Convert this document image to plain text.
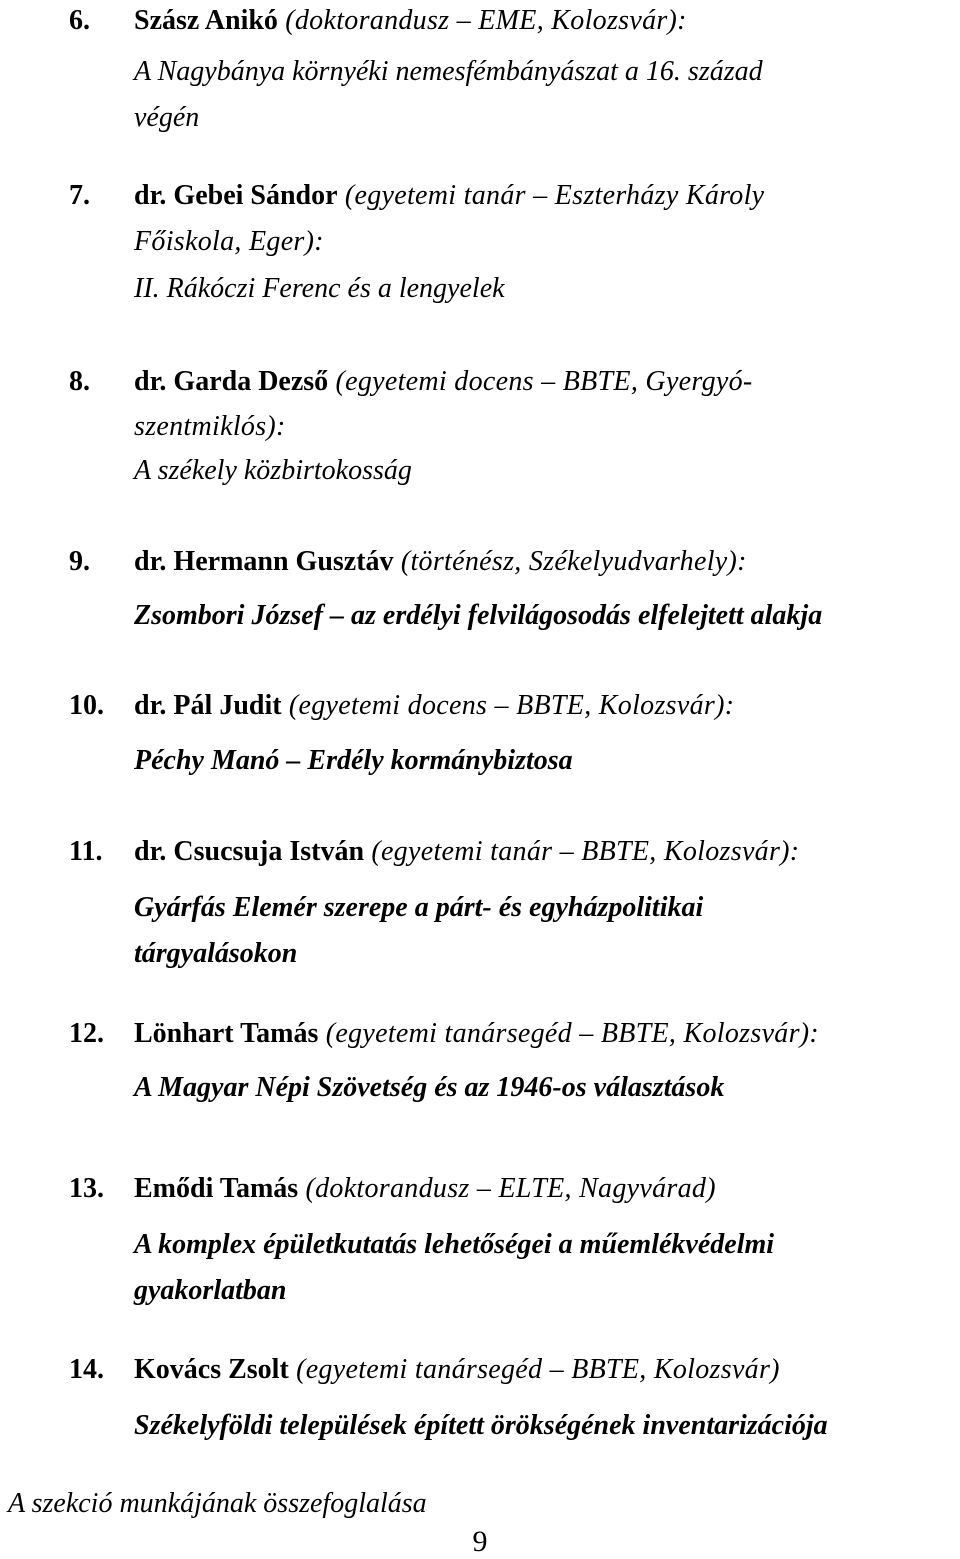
6. Szász Anikó (doktorandusz – EME, Kolozsvár):
A Nagybánya környéki nemesfémbányászat a 16. század
végén
7. dr. Gebei Sándor (egyetemi tanár – Eszterházy Károly
Főiskola, Eger):
II. Rákóczi Ferenc és a lengyelek
8. dr. Garda Dezső (egyetemi docens – BBTE, Gyergyó-
szentmiklós):
A székely közbirtokosság
9. dr. Hermann Gusztáv (történész, Székelyudvarhely):
Zsombori József – az erdélyi felvilágosodás elfelejtett alakja
10. dr. Pál Judit (egyetemi docens – BBTE, Kolozsvár):
Péchy Manó – Erdély kormánybiztosa
11. dr. Csucsuja István (egyetemi tanár – BBTE, Kolozsvár):
Gyárfás Elemér szerepe a párt- és egyházpolitikai
tárgyalásokon
12. Lönhart Tamás (egyetemi tanársegéd – BBTE, Kolozsvár):
A Magyar Népi Szövetség és az 1946-os választások
13. Emődi Tamás (doktorandusz – ELTE, Nagyvárad)
A komplex épületkutatás lehetőségei a műemlékvédelmi
gyakorlatban
14. Kovács Zsolt (egyetemi tanársegéd – BBTE, Kolozsvár)
Székelyföldi települések épített örökségének inventarizációja
A szekció munkájának összefoglalása
9
